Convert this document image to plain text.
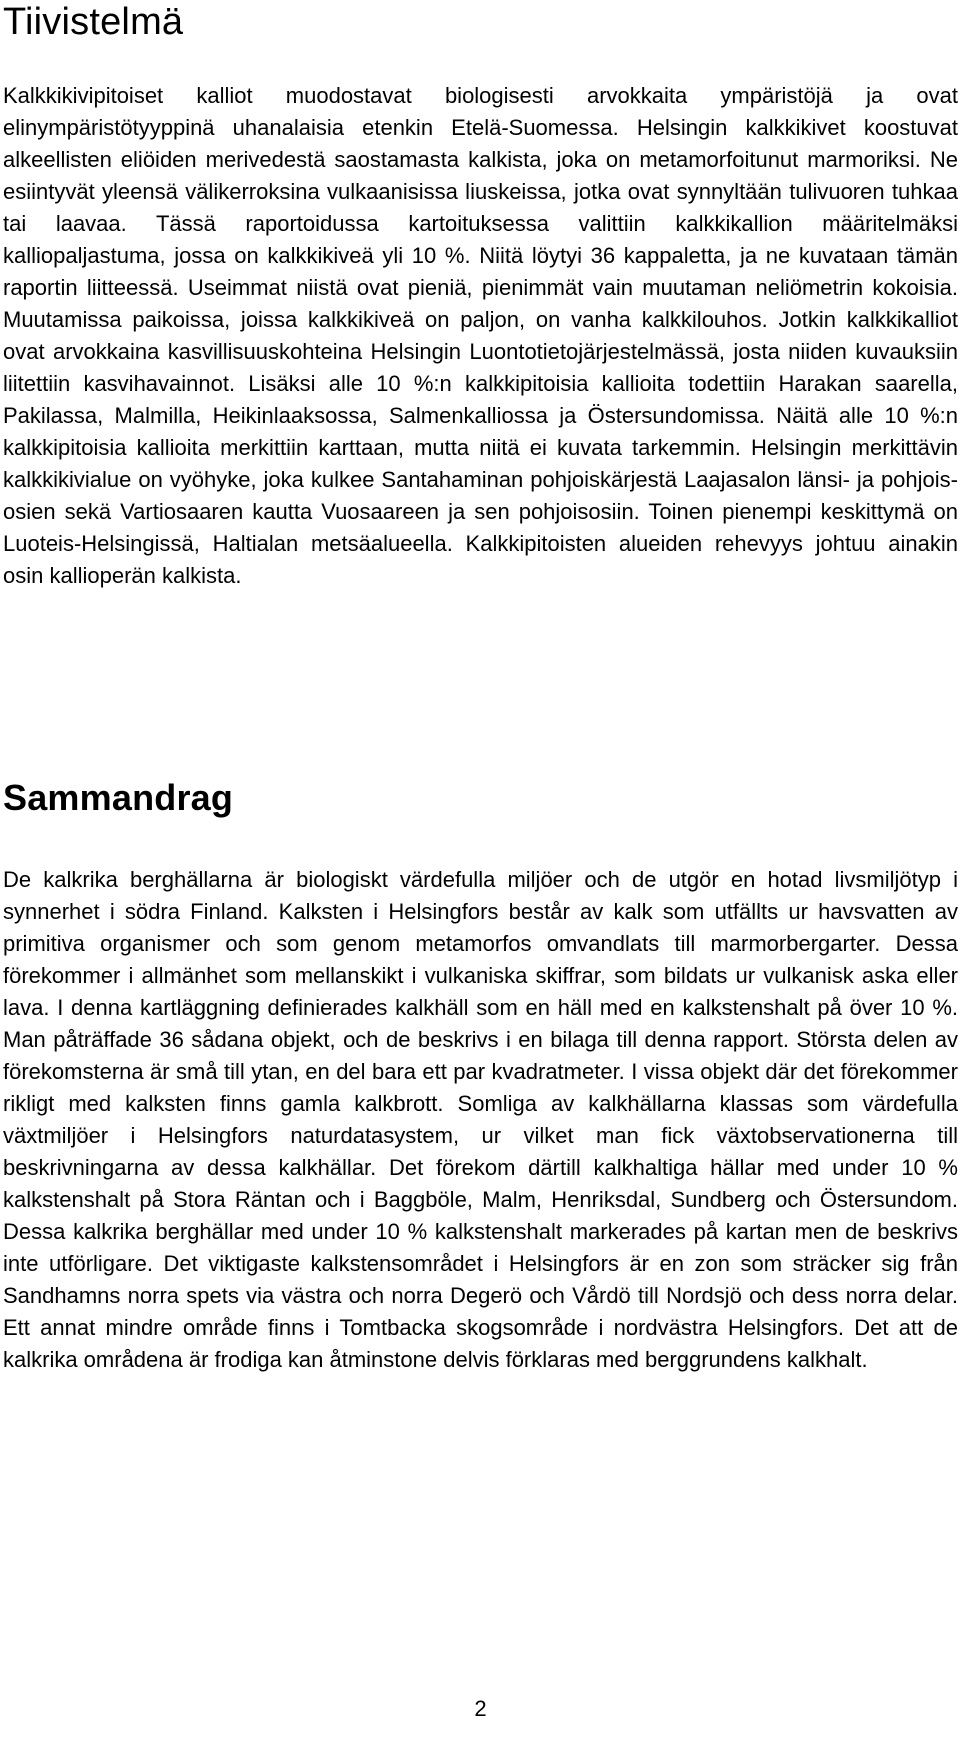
Tiivistelmä

Kalkkikivipitoiset kalliot muodostavat biologisesti arvokkaita ympäristöjä ja ovat elinympäristötyyppinä uhanalaisia etenkin Etelä-Suomessa. Helsingin kalkkikivet koostuvat alkeellisten eliöiden merivedestä saostamasta kalkista, joka on metamorfoitunut marmoriksi. Ne esiintyvät yleensä välikerroksina vulkaanisissa liuskeissa, jotka ovat synnyltään tulivuoren tuhkaa tai laavaa. Tässä raportoidussa kartoituksessa valittiin kalkkikallion määritelmäksi kalliopaljastuma, jossa on kalkkikiveä yli 10 %. Niitä löytyi 36 kappaletta, ja ne kuvataan tämän raportin liitteessä. Useimmat niistä ovat pieniä, pienimmät vain muutaman neliömetrin kokoisia. Muutamissa paikoissa, joissa kalkkikiveä on paljon, on vanha kalkkilouhos. Jotkin kalkkikalliot ovat arvokkaina kasvillisuuskohteina Helsingin Luontotietojärjestelmässä, josta niiden kuvauksiin liitettiin kasvihavainnot. Lisäksi alle 10 %:n kalkkipitoisia kallioita todettiin Harakan saarella, Pakilassa, Malmilla, Heikinlaaksossa, Salmenkalliossa ja Östersundomissa. Näitä alle 10 %:n kalkkipitoisia kallioita merkittiin karttaan, mutta niitä ei kuvata tarkemmin. Helsingin merkittävin kalkkikivialue on vyöhyke, joka kulkee Santahaminan pohjoiskärjestä Laajasalon länsi- ja pohjoisosien sekä Vartiosaaren kautta Vuosaareen ja sen pohjoisosiin. Toinen pienempi keskittymä on Luoteis-Helsingissä, Haltialan metsäalueella. Kalkkipitoisten alueiden rehevyys johtuu ainakin osin kallioperän kalkista.

Sammandrag

De kalkrika berghällarna är biologiskt värdefulla miljöer och de utgör en hotad livsmiljötyp i synnerhet i södra Finland. Kalksten i Helsingfors består av kalk som utfällts ur havsvatten av primitiva organismer och som genom metamorfos omvandlats till marmorbergarter. Dessa förekommer i allmänhet som mellanskikt i vulkaniska skiffrar, som bildats ur vulkanisk aska eller lava. I denna kartläggning definierades kalkhäll som en häll med en kalkstenshalt på över 10 %. Man påträffade 36 sådana objekt, och de beskrivs i en bilaga till denna rapport. Största delen av förekomsterna är små till ytan, en del bara ett par kvadratmeter. I vissa objekt där det förekommer rikligt med kalksten finns gamla kalkbrott. Somliga av kalkhällarna klassas som värdefulla växtmiljöer i Helsingfors naturdatasystem, ur vilket man fick växtobservationerna till beskrivningarna av dessa kalkhällar. Det förekom därtill kalkhaltiga hällar med under 10 % kalkstenshalt på Stora Räntan och i Baggböle, Malm, Henriksdal, Sundberg och Östersundom. Dessa kalkrika berghällar med under 10 % kalkstenshalt markerades på kartan men de beskrivs inte utförligare. Det viktigaste kalkstensområdet i Helsingfors är en zon som sträcker sig från Sandhamns norra spets via västra och norra Degerö och Vårdö till Nordsjö och dess norra delar. Ett annat mindre område finns i Tomtbacka skogsområde i nordvästra Helsingfors. Det att de kalkrika områdena är frodiga kan åtminstone delvis förklaras med berggrundens kalkhalt.

2
